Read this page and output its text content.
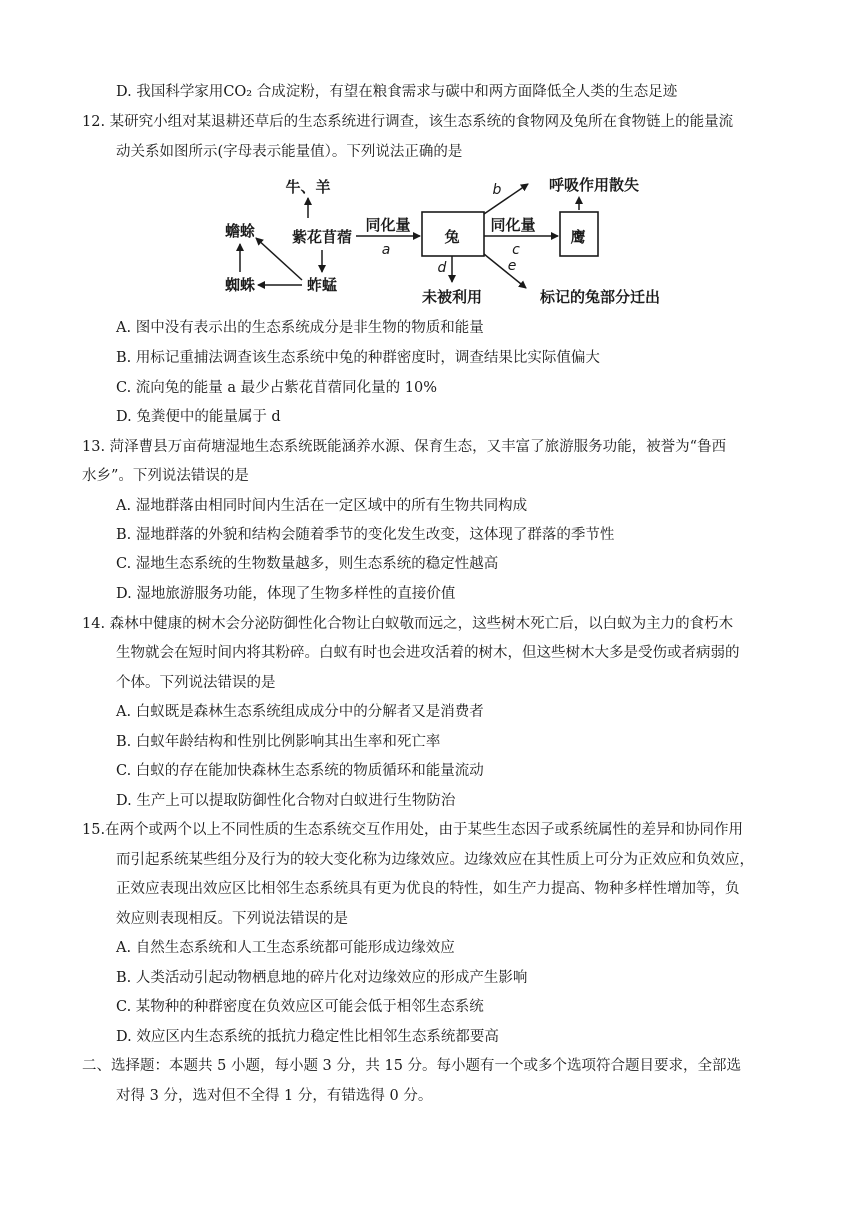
D. 我国科学家用CO₂ 合成淀粉，有望在粮食需求与碳中和两方面降低全人类的生态足迹
12. 某研究小组对某退耕还草后的生态系统进行调查，该生态系统的食物网及兔所在食物链上的能量流
动关系如图所示(字母表示能量值）。下列说法正确的是
牛、羊
紫花苜蓿
蚱蜢
蟾蜍
蜘蛛
兔	鹰
同化量	同化量
呼吸作用散失
未被利用	标记的兔部分迁出
a	c
b
d	e
A. 图中没有表示出的生态系统成分是非生物的物质和能量
B. 用标记重捕法调查该生态系统中兔的种群密度时，调查结果比实际值偏大
C. 流向兔的能量 a 最少占紫花苜蓿同化量的 10%
D. 兔粪便中的能量属于 d
13. 菏泽曹县万亩荷塘湿地生态系统既能涵养水源、保育生态，又丰富了旅游服务功能，被誉为“鲁西
水乡”。下列说法错误的是
A. 湿地群落由相同时间内生活在一定区域中的所有生物共同构成
B. 湿地群落的外貌和结构会随着季节的变化发生改变，这体现了群落的季节性
C. 湿地生态系统的生物数量越多，则生态系统的稳定性越高
D. 湿地旅游服务功能，体现了生物多样性的直接价值
14. 森林中健康的树木会分泌防御性化合物让白蚁敬而远之，这些树木死亡后，以白蚁为主力的食朽木
生物就会在短时间内将其粉碎。白蚁有时也会进攻活着的树木，但这些树木大多是受伤或者病弱的
个体。下列说法错误的是
A. 白蚁既是森林生态系统组成成分中的分解者又是消费者
B. 白蚁年龄结构和性别比例影响其出生率和死亡率
C. 白蚁的存在能加快森林生态系统的物质循环和能量流动
D. 生产上可以提取防御性化合物对白蚁进行生物防治
15.在两个或两个以上不同性质的生态系统交互作用处，由于某些生态因子或系统属性的差异和协同作用
而引起系统某些组分及行为的较大变化称为边缘效应。边缘效应在其性质上可分为正效应和负效应，
正效应表现出效应区比相邻生态系统具有更为优良的特性，如生产力提高、物种多样性增加等，负
效应则表现相反。下列说法错误的是
A. 自然生态系统和人工生态系统都可能形成边缘效应
B. 人类活动引起动物栖息地的碎片化对边缘效应的形成产生影响
C. 某物种的种群密度在负效应区可能会低于相邻生态系统
D. 效应区内生态系统的抵抗力稳定性比相邻生态系统都要高
二、选择题：本题共 5 小题，每小题 3 分，共 15 分。每小题有一个或多个选项符合题目要求，全部选
对得 3 分，选对但不全得 1 分，有错选得 0 分。
